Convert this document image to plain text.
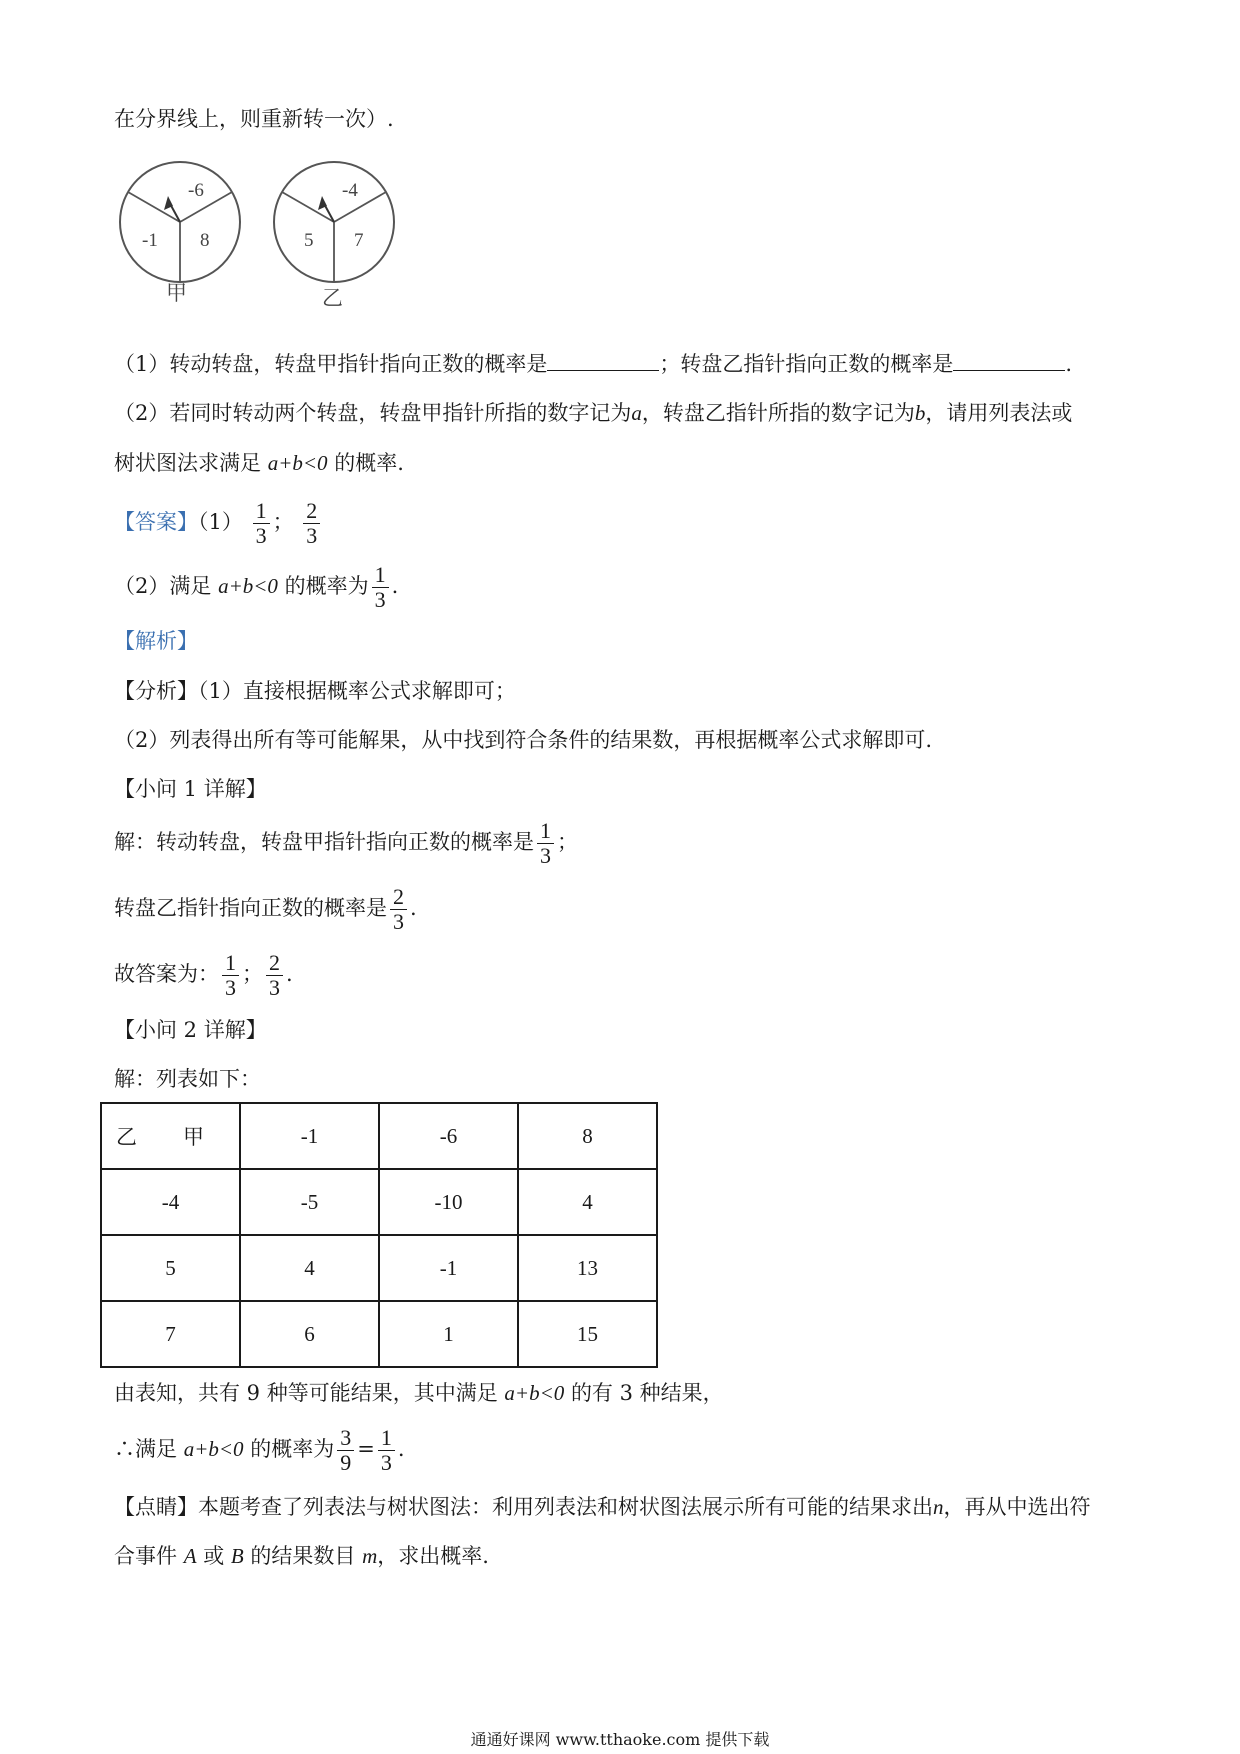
在分界线上，则重新转一次）.
-6
-1 8
甲
-4
5 7
乙
（1）转动转盘，转盘甲指针指向正数的概率是	；转盘乙指针指向正数的概率是	.
（2）若同时转动两个转盘，转盘甲指针所指的数字记为a，转盘乙指针所指的数字记为b，请用列表法或
树状图法求满足 a+b<0 的概率.
【答案】$(1) \frac{1}{3}$ ； $\frac{2}{3}$
（2）满足 a+b<0 的概率为 $\frac{1}{3}$ .
【解析】
【分析】（1）直接根据概率公式求解即可；
（2）列表得出所有等可能解果，从中找到符合条件的结果数，再根据概率公式求解即可.
【小问 1 详解】
解：转动转盘，转盘甲指针指向正数的概率是 $\frac{1}{3}$ ；
转盘乙指针指向正数的概率是 $\frac{2}{3}$ .
故答案为： $\frac{1}{3}$ ； $\frac{2}{3}$ .
【小问 2 详解】
解：列表如下：
乙 甲	-1	-6	8
-4	-5	-10	4
5	4	-1	13
7	6	1	15
由表知，共有 9 种等可能结果，其中满足 a+b<0 的有 3 种结果，
∴满足 a+b<0 的概率为 $\frac{3}{9} = \frac{1}{3}$ .
【点睛】本题考查了列表法与树状图法：利用列表法和树状图法展示所有可能的结果求出n，再从中选出符
合事件 A 或 B 的结果数目 m，求出概率.
通通好课网 www.tthaoke.com 提供下载
